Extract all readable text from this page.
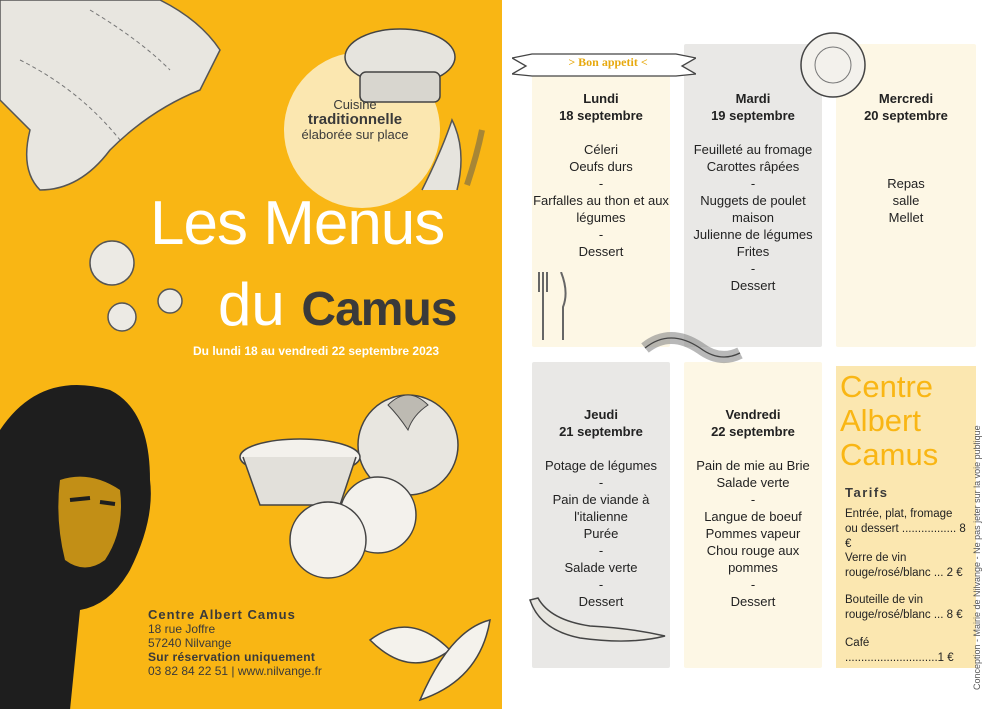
Cuisine
traditionnelle
élaborée sur place
Les Menus
du Camus
Du lundi 18 au vendredi 22 septembre 2023
Centre Albert Camus
18 rue Joffre
57240 Nilvange
Sur réservation uniquement
03 82 84 22 51 | www.nilvange.fr
Lundi
18 septembre
Céleri
Oeufs durs
-
Farfalles au thon et aux légumes
-
Dessert
Mardi
19 septembre
Feuilleté au fromage
Carottes râpées
-
Nuggets de poulet maison
Julienne de légumes
Frites
-
Dessert
Mercredi
20 septembre
Repas
salle
Mellet
Jeudi
21 septembre
Potage de légumes
-
Pain de viande à l'italienne
Purée
-
Salade verte
-
Dessert
Vendredi
22 septembre
Pain de mie au Brie
Salade verte
-
Langue de boeuf
Pommes vapeur
Chou rouge aux pommes
-
Dessert
> Bon appetit <
Centre
Albert
Camus
Tarifs
Entrée, plat, fromage
ou dessert ................. 8 €
Verre de vin
rouge/rosé/blanc ... 2 €
Bouteille de vin
rouge/rosé/blanc ... 8 €
Café .............................1 €	Conception - Mairie de Nilvange - Ne pas jeter sur la voie publique
